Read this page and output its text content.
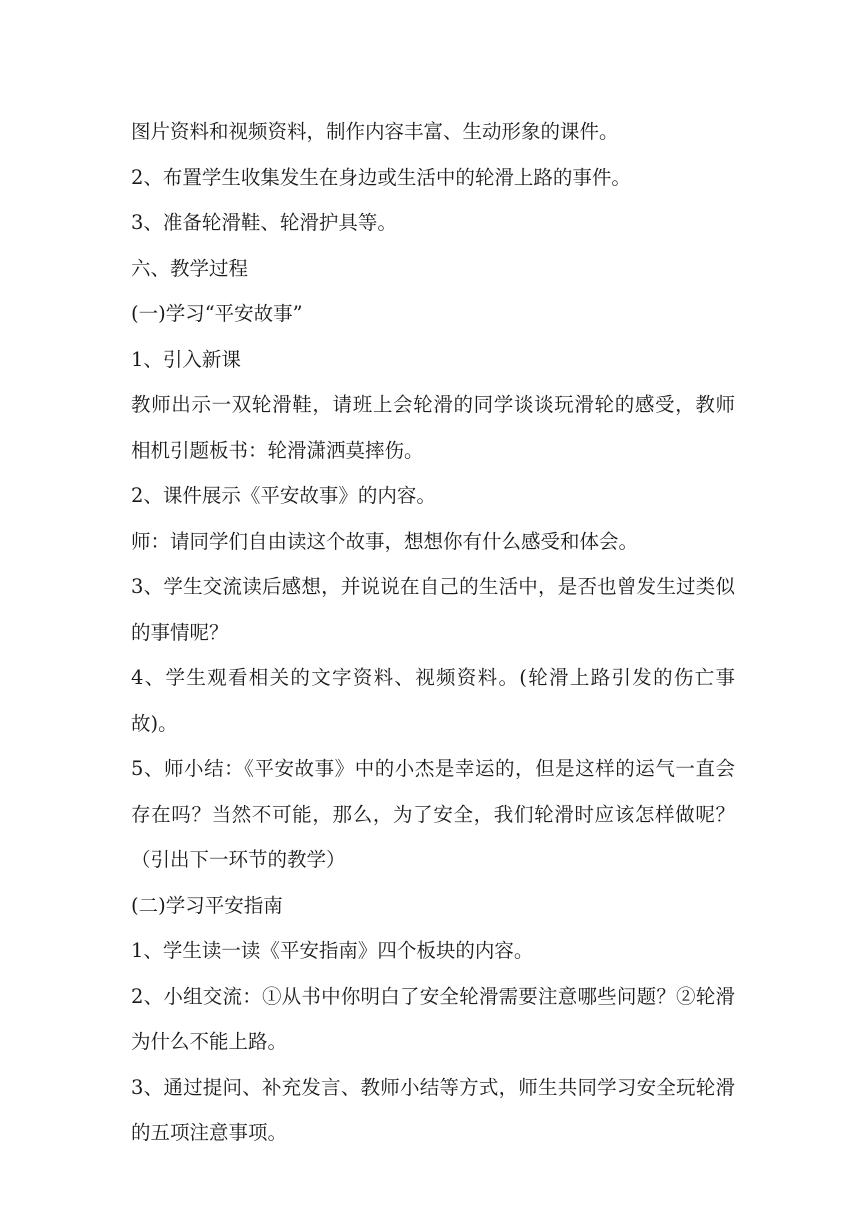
图片资料和视频资料，制作内容丰富、生动形象的课件。

2、布置学生收集发生在身边或生活中的轮滑上路的事件。

3、准备轮滑鞋、轮滑护具等。

六、教学过程

(一)学习“平安故事”

1、引入新课

教师出示一双轮滑鞋，请班上会轮滑的同学谈谈玩滑轮的感受，教师相机引题板书：轮滑潇洒莫摔伤。

2、课件展示《平安故事》的内容。

师：请同学们自由读这个故事，想想你有什么感受和体会。

3、学生交流读后感想，并说说在自己的生活中，是否也曾发生过类似的事情呢？

4、学生观看相关的文字资料、视频资料。(轮滑上路引发的伤亡事故)。

5、师小结：《平安故事》中的小杰是幸运的，但是这样的运气一直会存在吗？当然不可能，那么，为了安全，我们轮滑时应该怎样做呢？（引出下一环节的教学）

(二)学习平安指南

1、学生读一读《平安指南》四个板块的内容。

2、小组交流：①从书中你明白了安全轮滑需要注意哪些问题？②轮滑为什么不能上路。

3、通过提问、补充发言、教师小结等方式，师生共同学习安全玩轮滑的五项注意事项。
